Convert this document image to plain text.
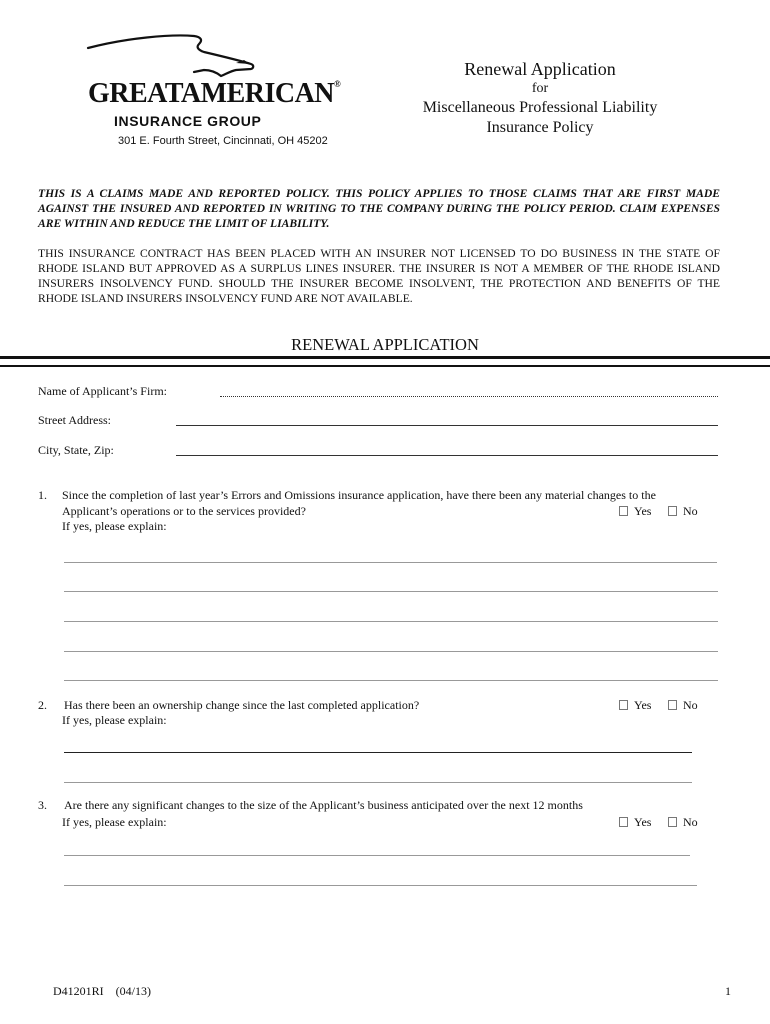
GREATAMERICAN®
INSURANCE GROUP
301 E. Fourth Street, Cincinnati, OH 45202
Renewal Application
for
Miscellaneous Professional Liability
Insurance Policy
THIS IS A CLAIMS MADE AND REPORTED POLICY. THIS POLICY APPLIES TO THOSE CLAIMS THAT ARE FIRST MADE AGAINST THE INSURED AND REPORTED IN WRITING TO THE COMPANY DURING THE POLICY PERIOD. CLAIM EXPENSES ARE WITHIN AND REDUCE THE LIMIT OF LIABILITY.
THIS INSURANCE CONTRACT HAS BEEN PLACED WITH AN INSURER NOT LICENSED TO DO BUSINESS IN THE STATE OF RHODE ISLAND BUT APPROVED AS A SURPLUS LINES INSURER. THE INSURER IS NOT A MEMBER OF THE RHODE ISLAND INSURERS INSOLVENCY FUND. SHOULD THE INSURER BECOME INSOLVENT, THE PROTECTION AND BENEFITS OF THE RHODE ISLAND INSURERS INSOLVENCY FUND ARE NOT AVAILABLE.
RENEWAL APPLICATION
Name of Applicant’s Firm:
Street Address:
City, State, Zip:
1. Since the completion of last year’s Errors and Omissions insurance application, have there been any material changes to the
Applicant’s operations or to the services provided?	Yes	No
If yes, please explain:
2. Has there been an ownership change since the last completed application?	Yes	No
If yes, please explain:
3. Are there any significant changes to the size of the Applicant’s business anticipated over the next 12 months
If yes, please explain:	Yes	No
D41201RI (04/13)	1
